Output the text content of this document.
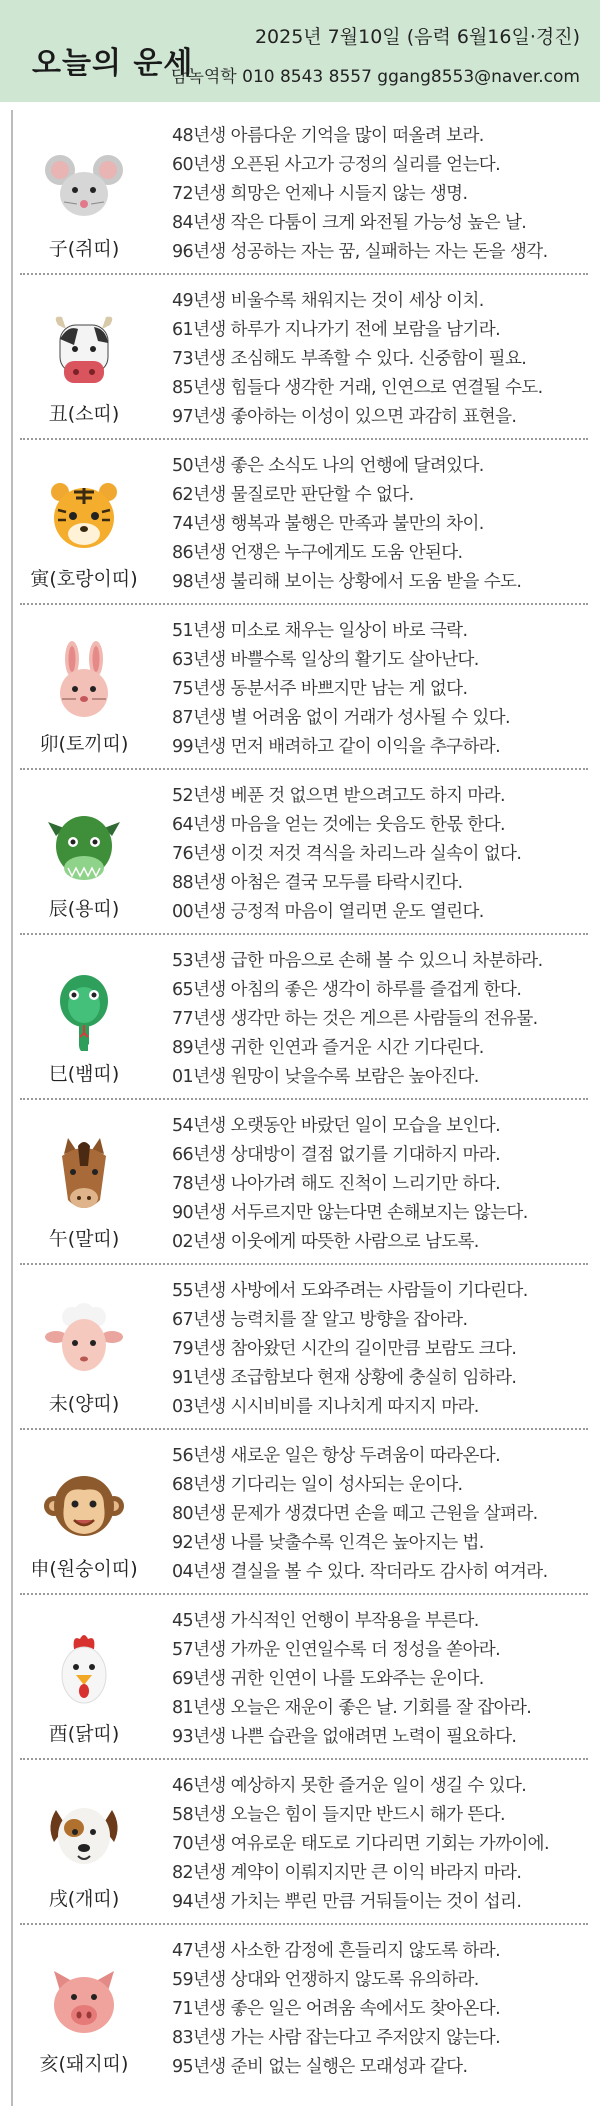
오늘의 운세
2025년 7월10일 (음력 6월16일·경진)
담녹역학 010 8543 8557 ggang8553@naver.com
子(쥐띠)
48년생 아름다운 기억을 많이 떠올려 보라.
60년생 오픈된 사고가 긍정의 실리를 얻는다.
72년생 희망은 언제나 시들지 않는 생명.
84년생 작은 다툼이 크게 와전될 가능성 높은 날.
96년생 성공하는 자는 꿈, 실패하는 자는 돈을 생각.
丑(소띠)
49년생 비울수록 채워지는 것이 세상 이치.
61년생 하루가 지나가기 전에 보람을 남기라.
73년생 조심해도 부족할 수 있다. 신중함이 필요.
85년생 힘들다 생각한 거래, 인연으로 연결될 수도.
97년생 좋아하는 이성이 있으면 과감히 표현을.
寅(호랑이띠)
50년생 좋은 소식도 나의 언행에 달려있다.
62년생 물질로만 판단할 수 없다.
74년생 행복과 불행은 만족과 불만의 차이.
86년생 언쟁은 누구에게도 도움 안된다.
98년생 불리해 보이는 상황에서 도움 받을 수도.
卯(토끼띠)
51년생 미소로 채우는 일상이 바로 극락.
63년생 바쁠수록 일상의 활기도 살아난다.
75년생 동분서주 바쁘지만 남는 게 없다.
87년생 별 어려움 없이 거래가 성사될 수 있다.
99년생 먼저 배려하고 같이 이익을 추구하라.
辰(용띠)
52년생 베푼 것 없으면 받으려고도 하지 마라.
64년생 마음을 얻는 것에는 웃음도 한몫 한다.
76년생 이것 저것 격식을 차리느라 실속이 없다.
88년생 아첨은 결국 모두를 타락시킨다.
00년생 긍정적 마음이 열리면 운도 열린다.
巳(뱀띠)
53년생 급한 마음으로 손해 볼 수 있으니 차분하라.
65년생 아침의 좋은 생각이 하루를 즐겁게 한다.
77년생 생각만 하는 것은 게으른 사람들의 전유물.
89년생 귀한 인연과 즐거운 시간 기다린다.
01년생 원망이 낮을수록 보람은 높아진다.
午(말띠)
54년생 오랫동안 바랐던 일이 모습을 보인다.
66년생 상대방이 결점 없기를 기대하지 마라.
78년생 나아가려 해도 진척이 느리기만 하다.
90년생 서두르지만 않는다면 손해보지는 않는다.
02년생 이웃에게 따뜻한 사람으로 남도록.
未(양띠)
55년생 사방에서 도와주려는 사람들이 기다린다.
67년생 능력치를 잘 알고 방향을 잡아라.
79년생 참아왔던 시간의 길이만큼 보람도 크다.
91년생 조급함보다 현재 상황에 충실히 임하라.
03년생 시시비비를 지나치게 따지지 마라.
申(원숭이띠)
56년생 새로운 일은 항상 두려움이 따라온다.
68년생 기다리는 일이 성사되는 운이다.
80년생 문제가 생겼다면 손을 떼고 근원을 살펴라.
92년생 나를 낮출수록 인격은 높아지는 법.
04년생 결실을 볼 수 있다. 작더라도 감사히 여겨라.
酉(닭띠)
45년생 가식적인 언행이 부작용을 부른다.
57년생 가까운 인연일수록 더 정성을 쏟아라.
69년생 귀한 인연이 나를 도와주는 운이다.
81년생 오늘은 재운이 좋은 날. 기회를 잘 잡아라.
93년생 나쁜 습관을 없애려면 노력이 필요하다.
戌(개띠)
46년생 예상하지 못한 즐거운 일이 생길 수 있다.
58년생 오늘은 힘이 들지만 반드시 해가 뜬다.
70년생 여유로운 태도로 기다리면 기회는 가까이에.
82년생 계약이 이뤄지지만 큰 이익 바라지 마라.
94년생 가치는 뿌린 만큼 거둬들이는 것이 섭리.
亥(돼지띠)
47년생 사소한 감정에 흔들리지 않도록 하라.
59년생 상대와 언쟁하지 않도록 유의하라.
71년생 좋은 일은 어려움 속에서도 찾아온다.
83년생 가는 사람 잡는다고 주저앉지 않는다.
95년생 준비 없는 실행은 모래성과 같다.
